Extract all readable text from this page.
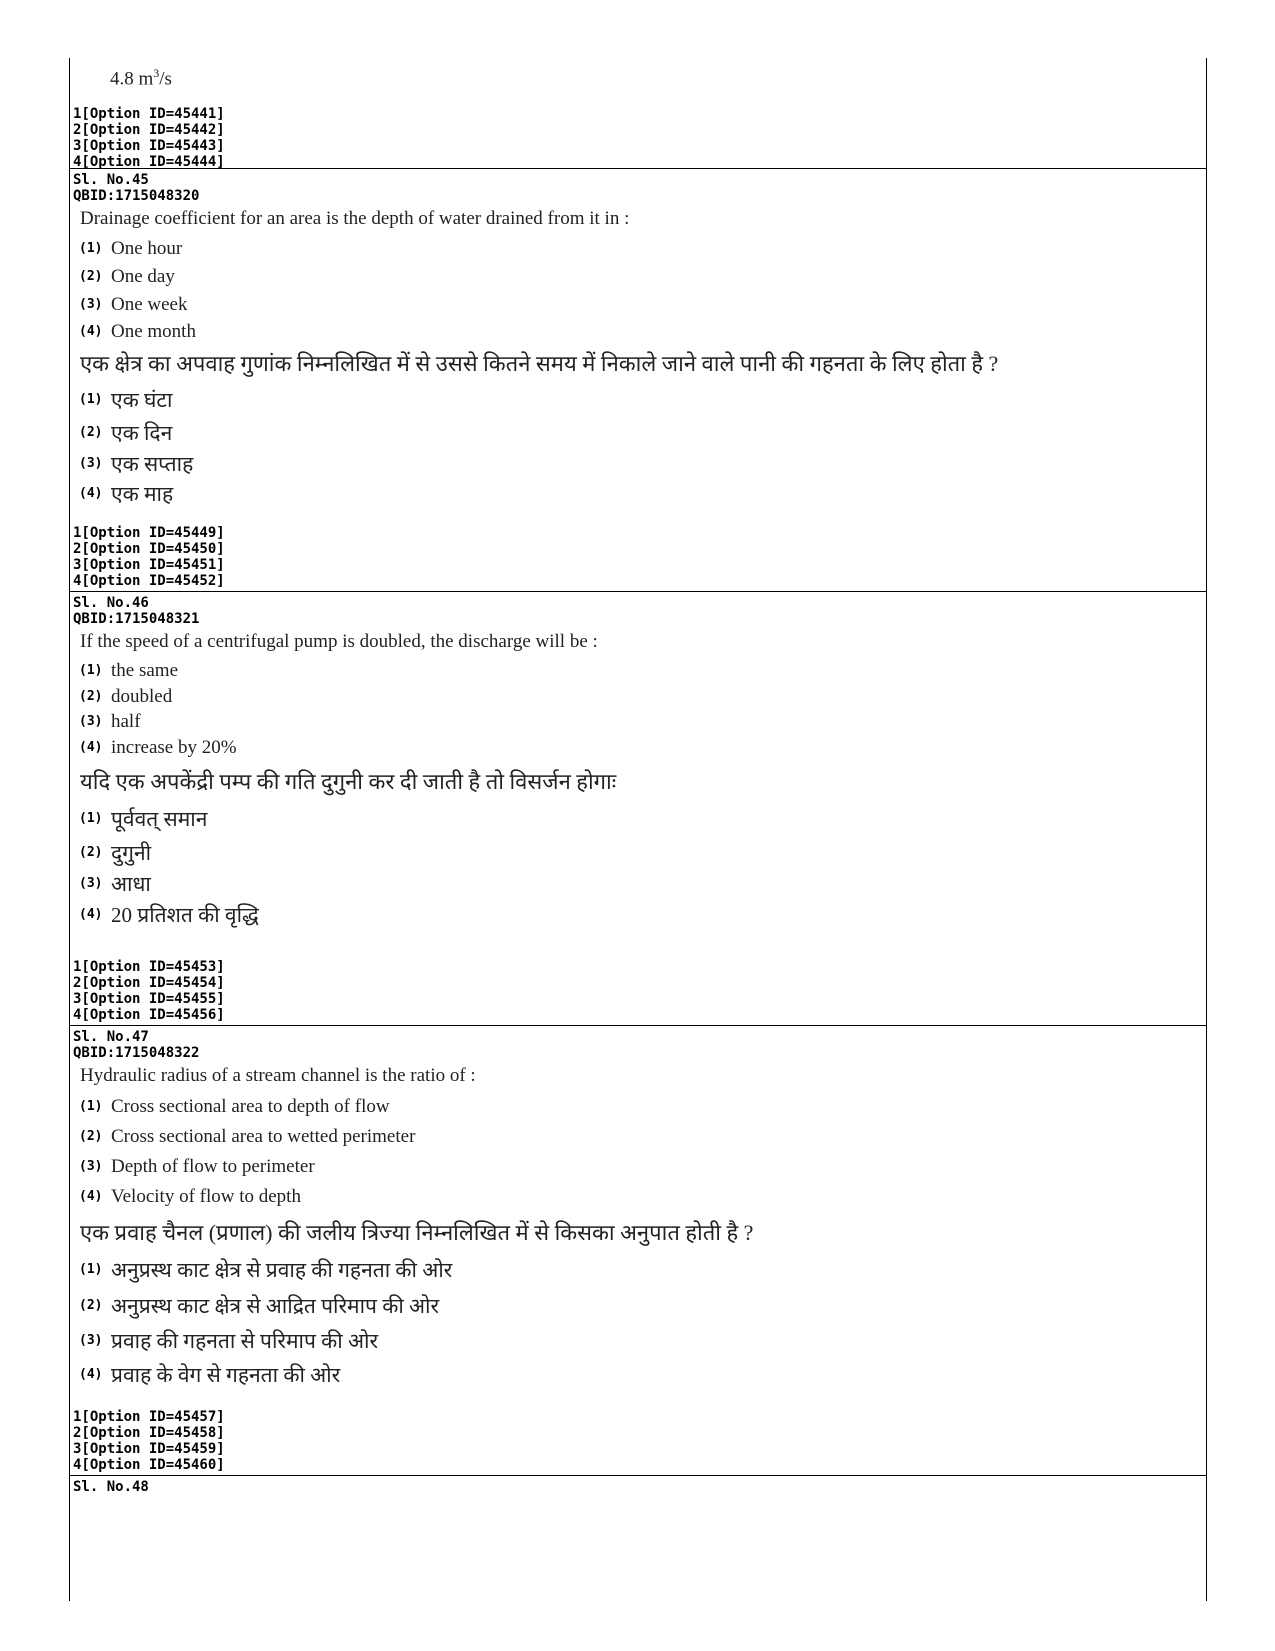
4.8 $m^3/s$
1[Option ID=45441]
2[Option ID=45442]
3[Option ID=45443]
4[Option ID=45444]
Sl. No.45
QBID:1715048320
Drainage coefficient for an area is the depth of water drained from it in :
(1) One hour
(2) One day
(3) One week
(4) One month
एक क्षेत्र का अपवाह गुणांक निम्नलिखित में से उससे कितने समय में निकाले जाने वाले पानी की गहनता के लिए होता है ?
(1) एक घंटा
(2) एक दिन
(3) एक सप्ताह
(4) एक माह
1[Option ID=45449]
2[Option ID=45450]
3[Option ID=45451]
4[Option ID=45452]
Sl. No.46
QBID:1715048321
If the speed of a centrifugal pump is doubled, the discharge will be :
(1) the same
(2) doubled
(3) half
(4) increase by 20%
यदि एक अपकेंद्री पम्प की गति दुगुनी कर दी जाती है तो विसर्जन होगाः
(1) पूर्ववत् समान
(2) दुगुनी
(3) आधा
(4) 20 प्रतिशत की वृद्धि
1[Option ID=45453]
2[Option ID=45454]
3[Option ID=45455]
4[Option ID=45456]
Sl. No.47
QBID:1715048322
Hydraulic radius of a stream channel is the ratio of :
(1) Cross sectional area to depth of flow
(2) Cross sectional area to wetted perimeter
(3) Depth of flow to perimeter
(4) Velocity of flow to depth
एक प्रवाह चैनल (प्रणाल) की जलीय त्रिज्या निम्नलिखित में से किसका अनुपात होती है ?
(1) अनुप्रस्थ काट क्षेत्र से प्रवाह की गहनता की ओर
(2) अनुप्रस्थ काट क्षेत्र से आद्रित परिमाप की ओर
(3) प्रवाह की गहनता से परिमाप की ओर
(4) प्रवाह के वेग से गहनता की ओर
1[Option ID=45457]
2[Option ID=45458]
3[Option ID=45459]
4[Option ID=45460]
Sl. No.48
